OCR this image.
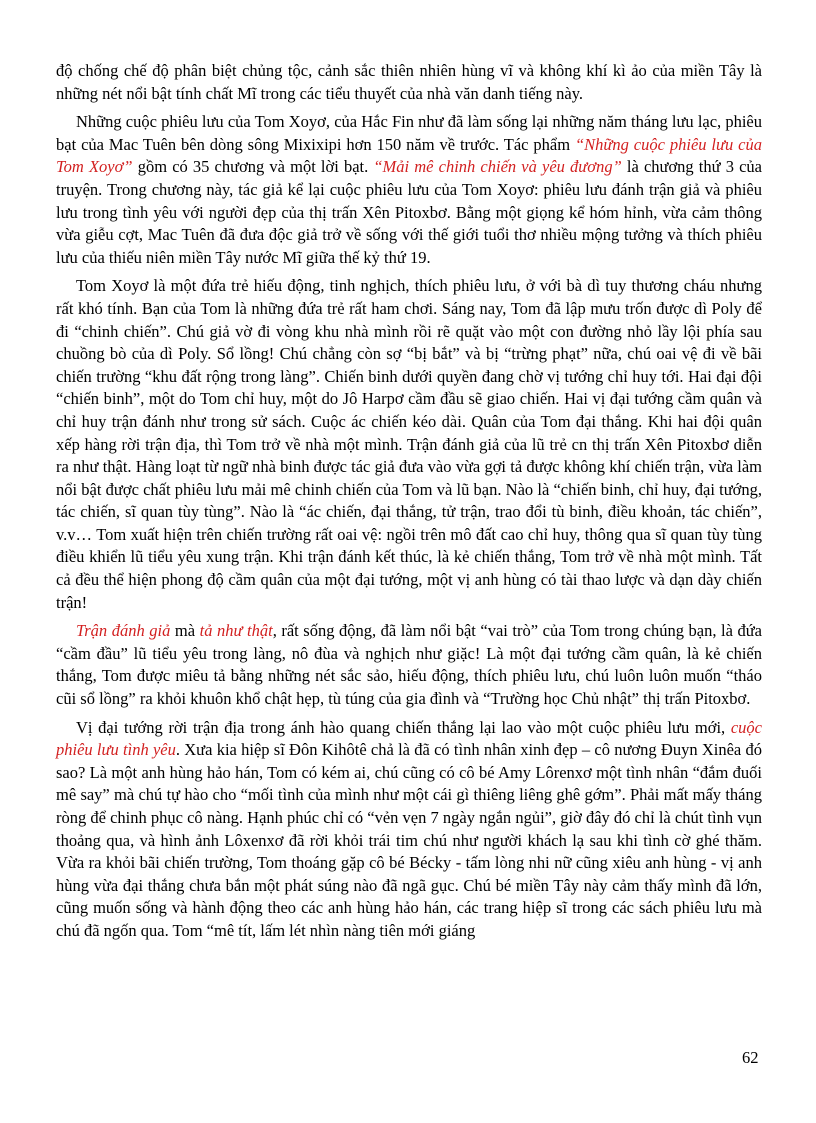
độ chống chế độ phân biệt chủng tộc, cảnh sắc thiên nhiên hùng vĩ và không khí kì ảo của miền Tây là những nét nổi bật tính chất Mĩ trong các tiểu thuyết của nhà văn danh tiếng này.

Những cuộc phiêu lưu của Tom Xoyơ, của Hắc Fin như đã làm sống lại những năm tháng lưu lạc, phiêu bạt của Mac Tuên bên dòng sông Mixixipi hơn 150 năm về trước. Tác phẩm “Những cuộc phiêu lưu của Tom Xoyơ” gồm có 35 chương và một lời bạt. “Mải mê chinh chiến và yêu đương” là chương thứ 3 của truyện. Trong chương này, tác giả kể lại cuộc phiêu lưu của Tom Xoyơ: phiêu lưu đánh trận giả và phiêu lưu trong tình yêu với người đẹp của thị trấn Xên Pitoxbơ. Bằng một giọng kể hóm hỉnh, vừa cảm thông vừa giễu cợt, Mac Tuên đã đưa độc giả trở về sống với thế giới tuổi thơ nhiều mộng tưởng và thích phiêu lưu của thiếu niên miền Tây nước Mĩ giữa thế kỷ thứ 19.

Tom Xoyơ là một đứa trẻ hiếu động, tinh nghịch, thích phiêu lưu, ở với bà dì tuy thương cháu nhưng rất khó tính. Bạn của Tom là những đứa trẻ rất ham chơi. Sáng nay, Tom đã lập mưu trốn được dì Poly để đi “chinh chiến”. Chú giả vờ đi vòng khu nhà mình rồi rẽ quặt vào một con đường nhỏ lầy lội phía sau chuồng bò của dì Poly. Sổ lồng! Chú chẳng còn sợ “bị bắt” và bị “trừng phạt” nữa, chú oai vệ đi về bãi chiến trường “khu đất rộng trong làng”. Chiến binh dưới quyền đang chờ vị tướng chỉ huy tới. Hai đại đội “chiến binh”, một do Tom chỉ huy, một do Jô Harpơ cầm đầu sẽ giao chiến. Hai vị đại tướng cầm quân và chỉ huy trận đánh như trong sử sách. Cuộc ác chiến kéo dài. Quân của Tom đại thắng. Khi hai đội quân xếp hàng rời trận địa, thì Tom trở về nhà một mình. Trận đánh giả của lũ trẻ cn thị trấn Xên Pitoxbơ diễn ra như thật. Hàng loạt từ ngữ nhà binh được tác giả đưa vào vừa gợi tả được không khí chiến trận, vừa làm nổi bật được chất phiêu lưu mải mê chinh chiến của Tom và lũ bạn. Nào là “chiến binh, chỉ huy, đại tướng, tác chiến, sĩ quan tùy tùng”. Nào là “ác chiến, đại thắng, tử trận, trao đổi tù binh, điều khoản, tác chiến”, v.v… Tom xuất hiện trên chiến trường rất oai vệ: ngồi trên mô đất cao chỉ huy, thông qua sĩ quan tùy tùng điều khiển lũ tiểu yêu xung trận. Khi trận đánh kết thúc, là kẻ chiến thắng, Tom trở về nhà một mình. Tất cả đều thể hiện phong độ cầm quân của một đại tướng, một vị anh hùng có tài thao lược và dạn dày chiến trận!

Trận đánh giả mà tả như thật, rất sống động, đã làm nổi bật “vai trò” của Tom trong chúng bạn, là đứa “cầm đầu” lũ tiểu yêu trong làng, nô đùa và nghịch như giặc! Là một đại tướng cầm quân, là kẻ chiến thắng, Tom được miêu tả bằng những nét sắc sảo, hiếu động, thích phiêu lưu, chú luôn luôn muốn “tháo cũi sổ lồng” ra khỏi khuôn khổ chật hẹp, tù túng của gia đình và “Trường học Chủ nhật” thị trấn Pitoxbơ.

Vị đại tướng rời trận địa trong ánh hào quang chiến thắng lại lao vào một cuộc phiêu lưu mới, cuộc phiêu lưu tình yêu. Xưa kia hiệp sĩ Đôn Kihôtê chả là đã có tình nhân xinh đẹp – cô nương Đuyn Xinêa đó sao? Là một anh hùng hảo hán, Tom có kém ai, chú cũng có cô bé Amy Lôrenxơ một tình nhân “đắm đuối mê say” mà chú tự hào cho “mối tình của mình như một cái gì thiêng liêng ghê gớm”. Phải mất mấy tháng ròng để chinh phục cô nàng. Hạnh phúc chỉ có “vẻn vẹn 7 ngày ngắn ngủi”, giờ đây đó chỉ là chút tình vụn thoảng qua, và hình ảnh Lôxenxơ đã rời khỏi trái tim chú như người khách lạ sau khi tình cờ ghé thăm. Vừa ra khỏi bãi chiến trường, Tom thoáng gặp cô bé Bécky - tấm lòng nhi nữ cũng xiêu anh hùng - vị anh hùng vừa đại thắng chưa bắn một phát súng nào đã ngã gục. Chú bé miền Tây này cảm thấy mình đã lớn, cũng muốn sống và hành động theo các anh hùng hảo hán, các trang hiệp sĩ trong các sách phiêu lưu mà chú đã ngốn qua. Tom “mê tít, lấm lét nhìn nàng tiên mới giáng

62
